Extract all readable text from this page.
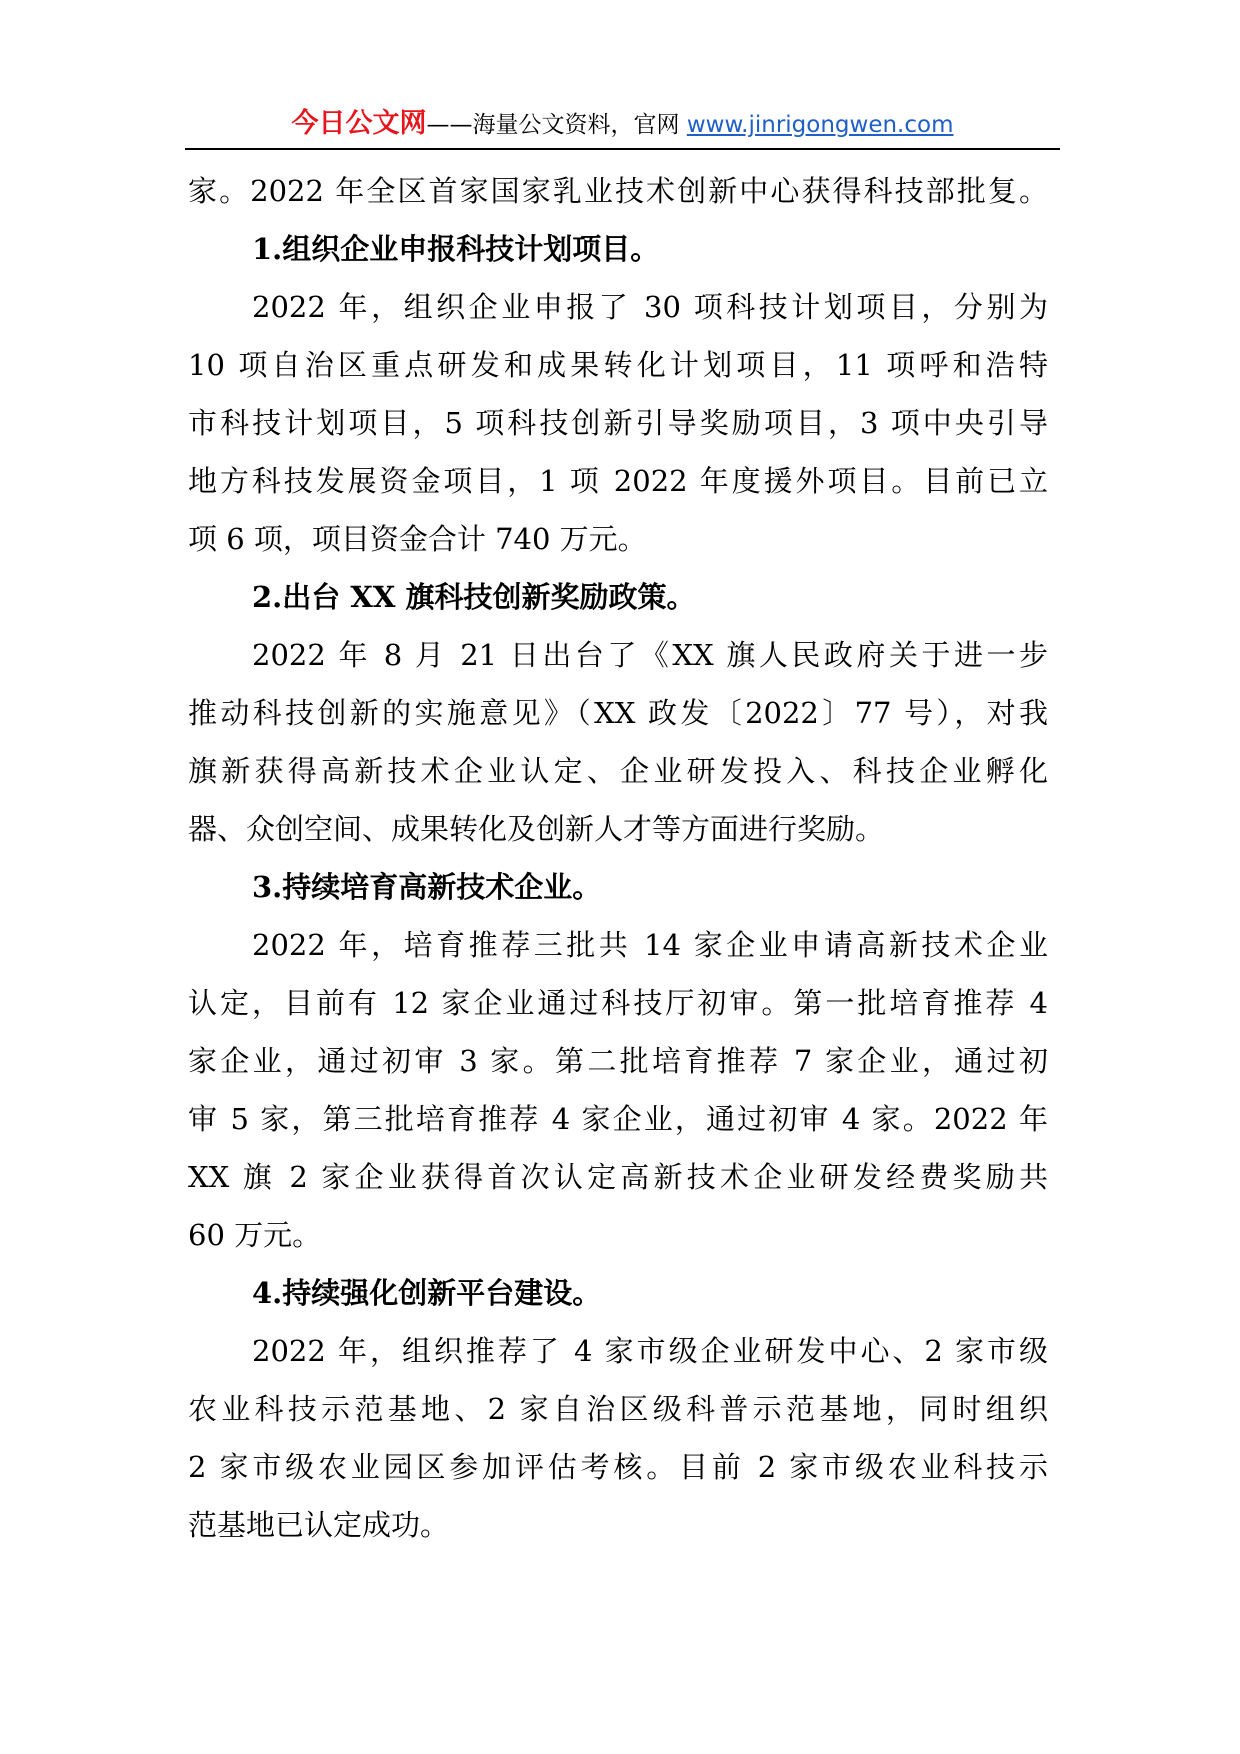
今日公文网——海量公文资料，官网 www.jinrigongwen.com
家。2022 年全区首家国家乳业技术创新中心获得科技部批复。
1.组织企业申报科技计划项目。
2022 年，组织企业申报了 30 项科技计划项目，分别为
10 项自治区重点研发和成果转化计划项目，11 项呼和浩特
市科技计划项目，5 项科技创新引导奖励项目，3 项中央引导
地方科技发展资金项目，1 项 2022 年度援外项目。目前已立
项 6 项，项目资金合计 740 万元。
2.出台 XX 旗科技创新奖励政策。
2022 年 8 月 21 日出台了《XX 旗人民政府关于进一步
推动科技创新的实施意见》（XX 政发〔2022〕77 号），对我
旗新获得高新技术企业认定、企业研发投入、科技企业孵化
器、众创空间、成果转化及创新人才等方面进行奖励。
3.持续培育高新技术企业。
2022 年，培育推荐三批共 14 家企业申请高新技术企业
认定，目前有 12 家企业通过科技厅初审。第一批培育推荐 4
家企业，通过初审 3 家。第二批培育推荐 7 家企业，通过初
审 5 家，第三批培育推荐 4 家企业，通过初审 4 家。2022 年
XX 旗 2 家企业获得首次认定高新技术企业研发经费奖励共
60 万元。
4.持续强化创新平台建设。
2022 年，组织推荐了 4 家市级企业研发中心、2 家市级
农业科技示范基地、2 家自治区级科普示范基地，同时组织
2 家市级农业园区参加评估考核。目前 2 家市级农业科技示
范基地已认定成功。
